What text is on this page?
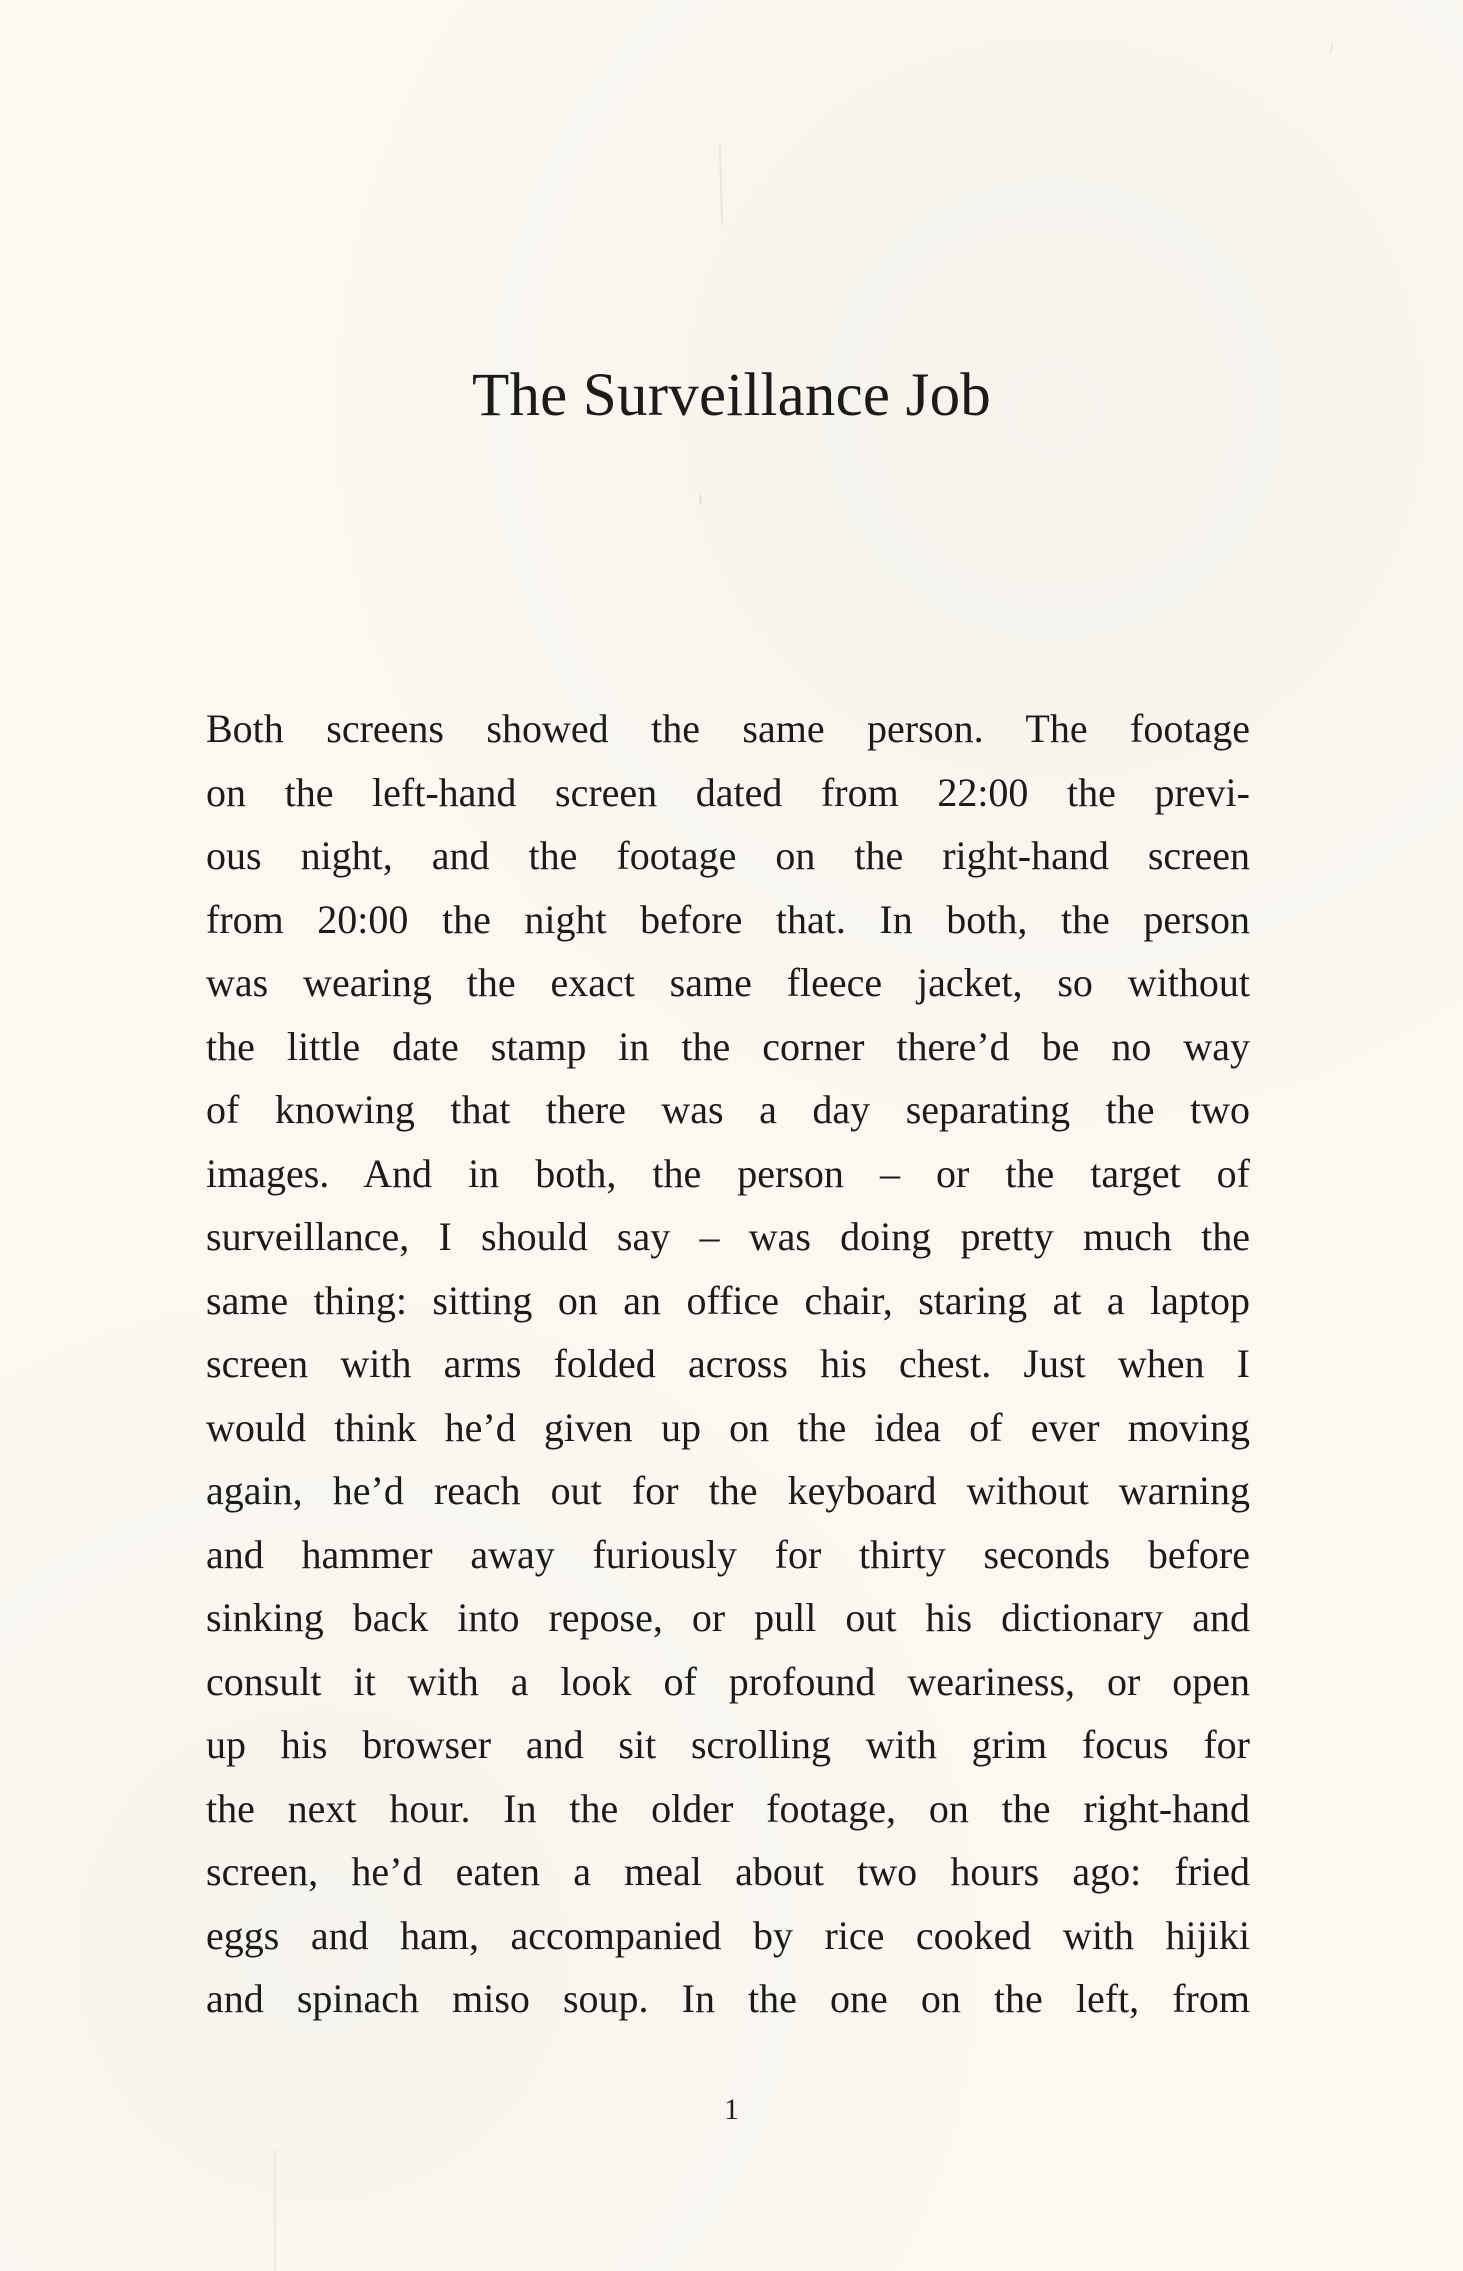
The Surveillance Job
Both screens showed the same person. The footage
on the left-hand screen dated from 22:00 the previ-
ous night, and the footage on the right-hand screen
from 20:00 the night before that. In both, the person
was wearing the exact same fleece jacket, so without
the little date stamp in the corner there’d be no way
of knowing that there was a day separating the two
images. And in both, the person – or the target of
surveillance, I should say – was doing pretty much the
same thing: sitting on an office chair, staring at a laptop
screen with arms folded across his chest. Just when I
would think he’d given up on the idea of ever moving
again, he’d reach out for the keyboard without warning
and hammer away furiously for thirty seconds before
sinking back into repose, or pull out his dictionary and
consult it with a look of profound weariness, or open
up his browser and sit scrolling with grim focus for
the next hour. In the older footage, on the right-hand
screen, he’d eaten a meal about two hours ago: fried
eggs and ham, accompanied by rice cooked with hijiki
and spinach miso soup. In the one on the left, from
1
